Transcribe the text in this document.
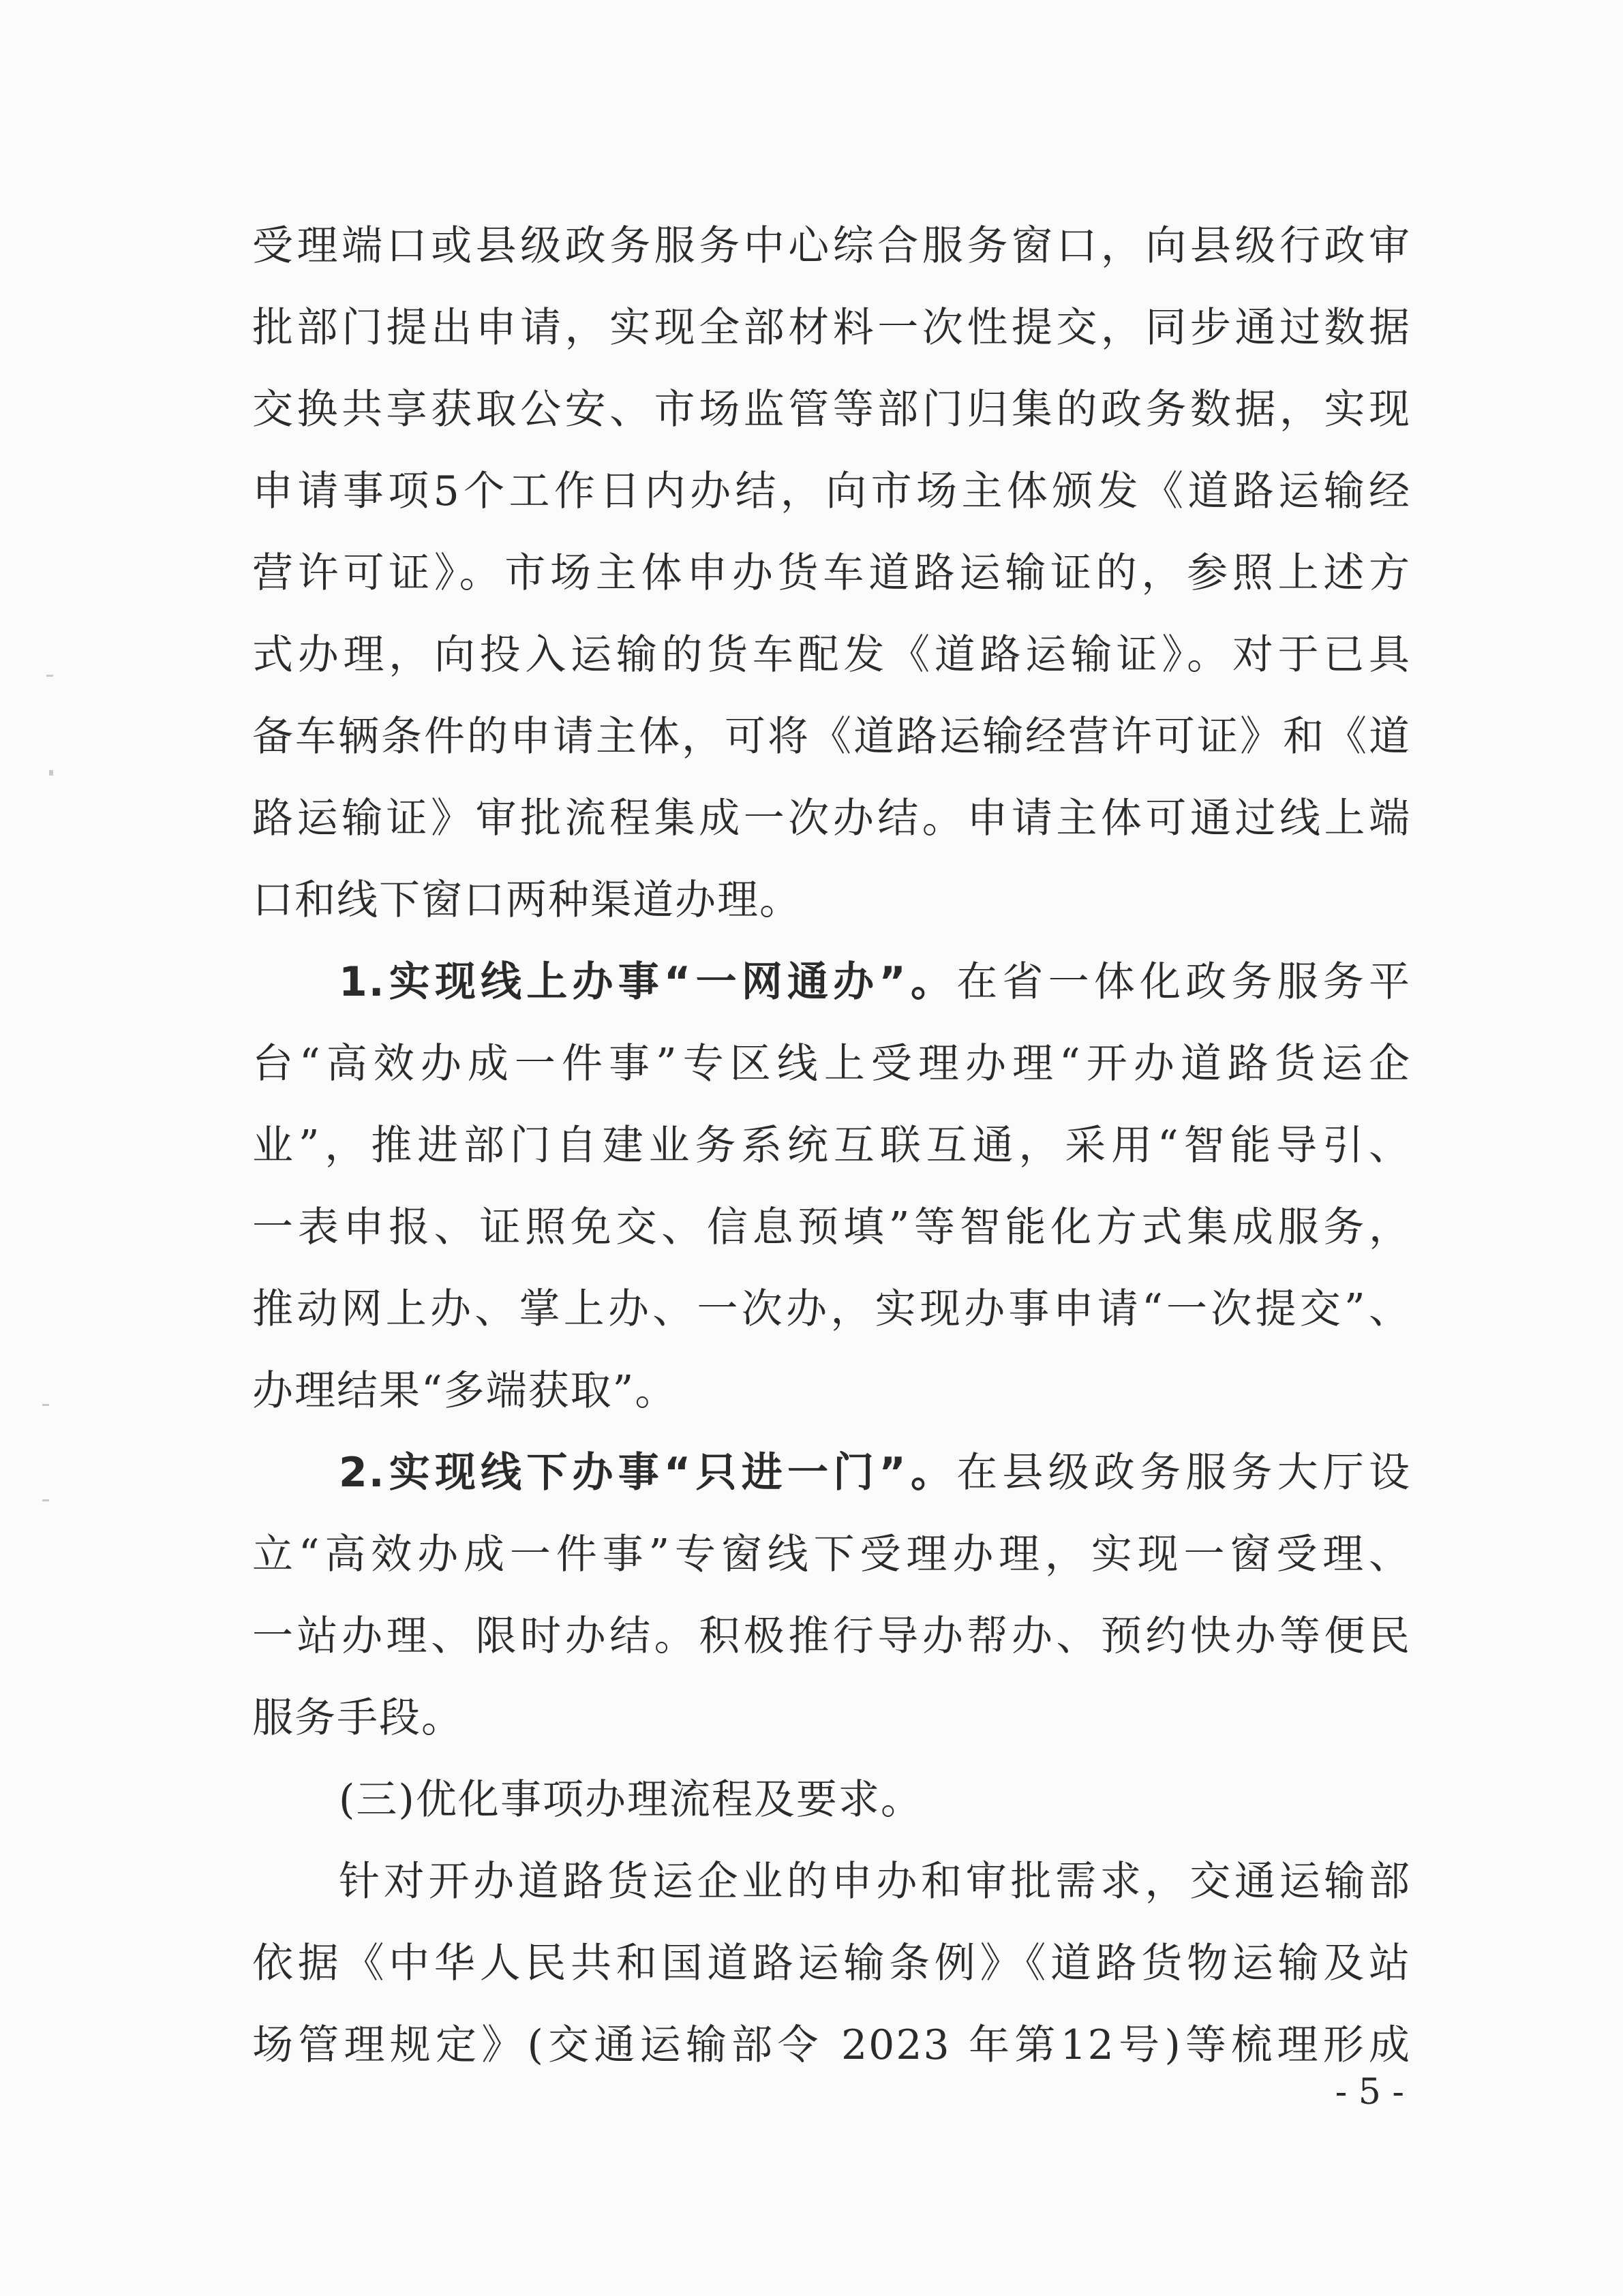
受理端口或县级政务服务中心综合服务窗口，向县级行政审
批部门提出申请，实现全部材料一次性提交，同步通过数据
交换共享获取公安、市场监管等部门归集的政务数据，实现
申请事项5个工作日内办结，向市场主体颁发《道路运输经
营许可证》。市场主体申办货车道路运输证的，参照上述方
式办理，向投入运输的货车配发《道路运输证》。对于已具
备车辆条件的申请主体，可将《道路运输经营许可证》和《道
路运输证》审批流程集成一次办结。申请主体可通过线上端
口和线下窗口两种渠道办理。
1.实现线上办事“一网通办”。在省一体化政务服务平
台“高效办成一件事”专区线上受理办理“开办道路货运企
业”，推进部门自建业务系统互联互通，采用“智能导引、
一表申报、证照免交、信息预填”等智能化方式集成服务，
推动网上办、掌上办、一次办，实现办事申请“一次提交”、
办理结果“多端获取”。
2.实现线下办事“只进一门”。在县级政务服务大厅设
立“高效办成一件事”专窗线下受理办理，实现一窗受理、
一站办理、限时办结。积极推行导办帮办、预约快办等便民
服务手段。
(三)优化事项办理流程及要求。
针对开办道路货运企业的申办和审批需求，交通运输部
依据《中华人民共和国道路运输条例》《道路货物运输及站
场管理规定》(交通运输部令 2023 年第12号)等梳理形成
- 5 -
